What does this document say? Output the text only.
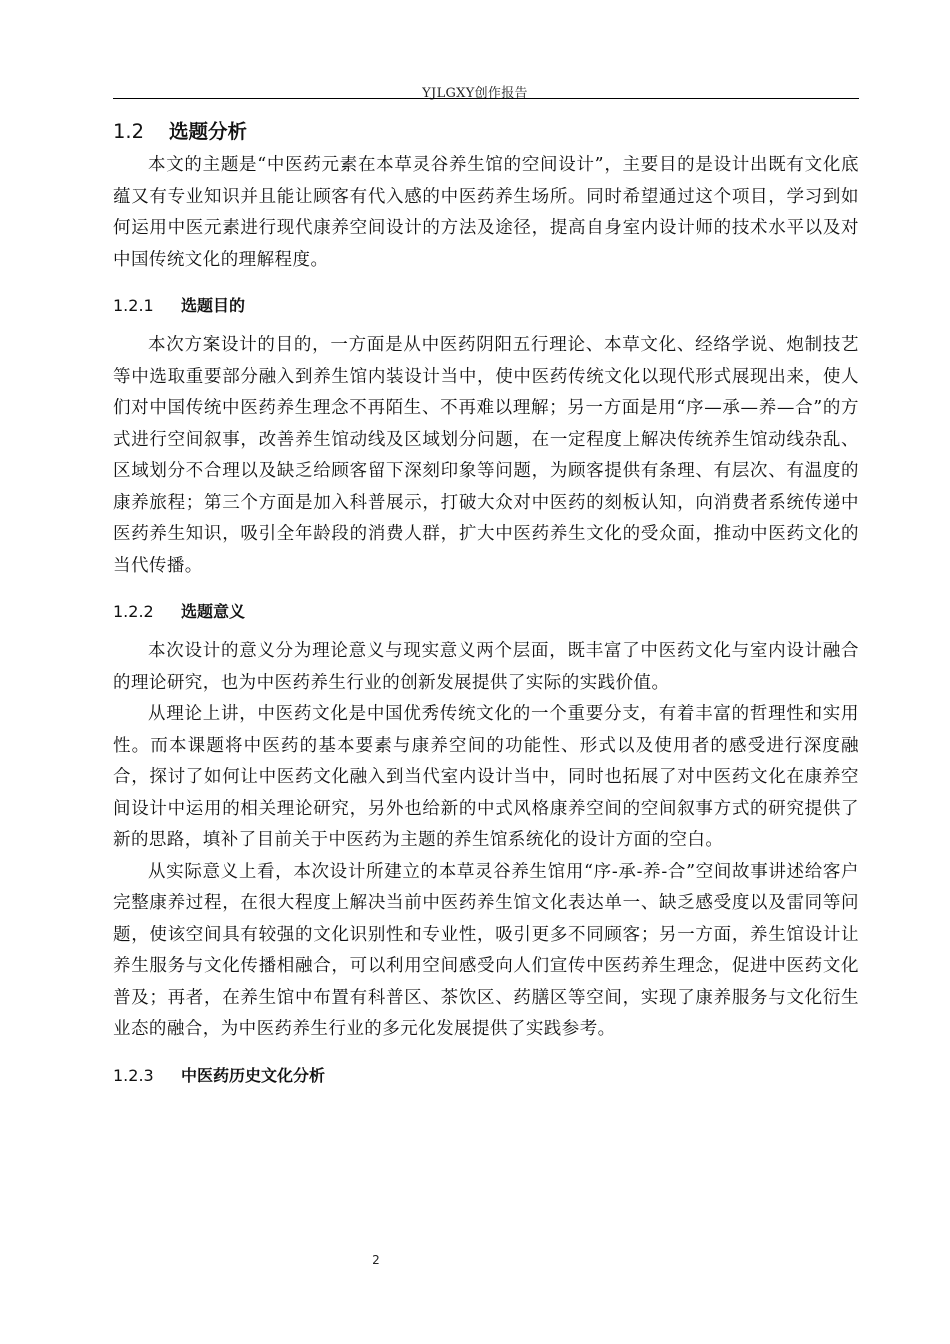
YJLGXY创作报告
1.2 选题分析

本文的主题是“中医药元素在本草灵谷养生馆的空间设计”，主要目的是设计出既有文化底蕴又有专业知识并且能让顾客有代入感的中医药养生场所。同时希望通过这个项目，学习到如何运用中医元素进行现代康养空间设计的方法及途径，提高自身室内设计师的技术水平以及对中国传统文化的理解程度。

1.2.1 选题目的

本次方案设计的目的，一方面是从中医药阴阳五行理论、本草文化、经络学说、炮制技艺等中选取重要部分融入到养生馆内装设计当中，使中医药传统文化以现代形式展现出来，使人们对中国传统中医药养生理念不再陌生、不再难以理解；另一方面是用“序—承—养—合”的方式进行空间叙事，改善养生馆动线及区域划分问题，在一定程度上解决传统养生馆动线杂乱、区域划分不合理以及缺乏给顾客留下深刻印象等问题，为顾客提供有条理、有层次、有温度的康养旅程；第三个方面是加入科普展示，打破大众对中医药的刻板认知，向消费者系统传递中医药养生知识，吸引全年龄段的消费人群，扩大中医药养生文化的受众面，推动中医药文化的当代传播。

1.2.2 选题意义

本次设计的意义分为理论意义与现实意义两个层面，既丰富了中医药文化与室内设计融合的理论研究，也为中医药养生行业的创新发展提供了实际的实践价值。

从理论上讲，中医药文化是中国优秀传统文化的一个重要分支，有着丰富的哲理性和实用性。而本课题将中医药的基本要素与康养空间的功能性、形式以及使用者的感受进行深度融合，探讨了如何让中医药文化融入到当代室内设计当中，同时也拓展了对中医药文化在康养空间设计中运用的相关理论研究，另外也给新的中式风格康养空间的空间叙事方式的研究提供了新的思路，填补了目前关于中医药为主题的养生馆系统化的设计方面的空白。

从实际意义上看，本次设计所建立的本草灵谷养生馆用“序-承-养-合”空间故事讲述给客户完整康养过程，在很大程度上解决当前中医药养生馆文化表达单一、缺乏感受度以及雷同等问题，使该空间具有较强的文化识别性和专业性，吸引更多不同顾客；另一方面，养生馆设计让养生服务与文化传播相融合，可以利用空间感受向人们宣传中医药养生理念，促进中医药文化普及；再者，在养生馆中布置有科普区、茶饮区、药膳区等空间，实现了康养服务与文化衍生业态的融合，为中医药养生行业的多元化发展提供了实践参考。

1.2.3 中医药历史文化分析
2
